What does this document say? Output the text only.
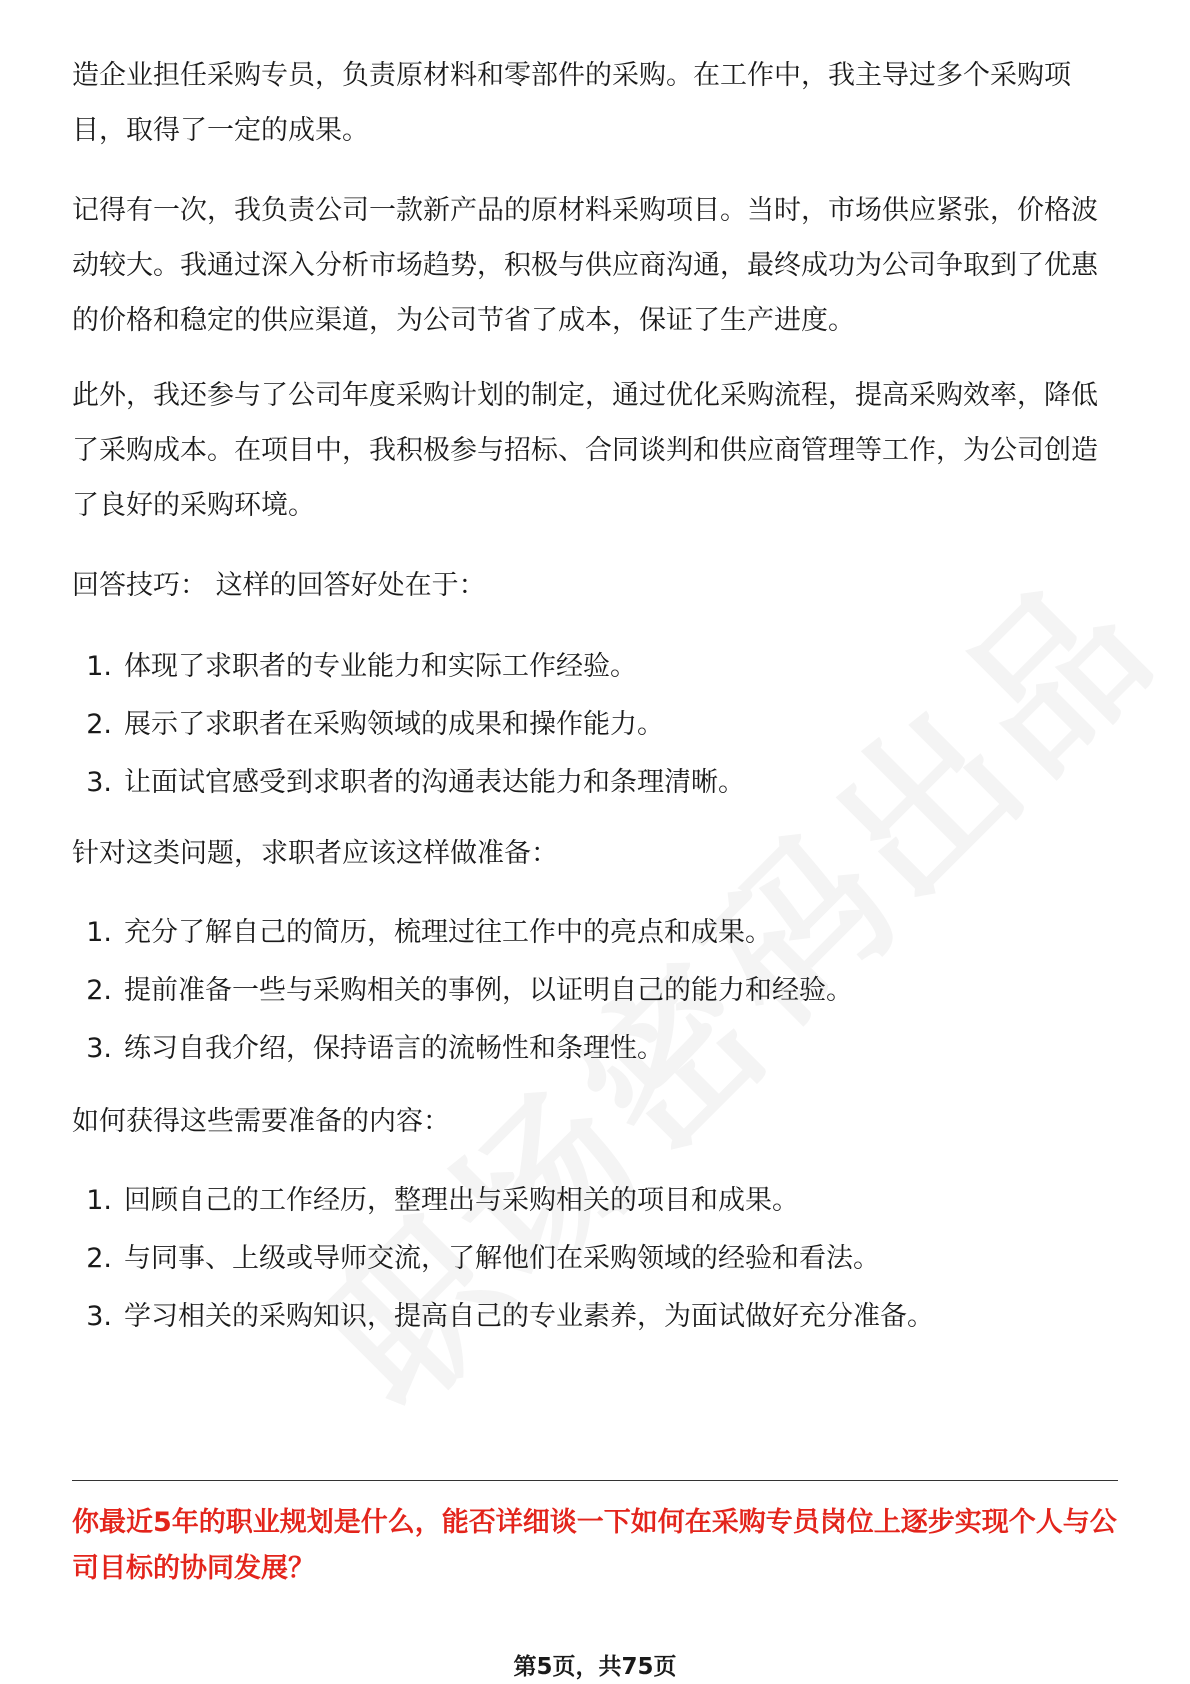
造企业担任采购专员，负责原材料和零部件的采购。在工作中，我主导过多个采购项目，取得了一定的成果。

记得有一次，我负责公司一款新产品的原材料采购项目。当时，市场供应紧张，价格波动较大。我通过深入分析市场趋势，积极与供应商沟通，最终成功为公司争取到了优惠的价格和稳定的供应渠道，为公司节省了成本，保证了生产进度。

此外，我还参与了公司年度采购计划的制定，通过优化采购流程，提高采购效率，降低了采购成本。在项目中，我积极参与招标、合同谈判和供应商管理等工作，为公司创造了良好的采购环境。

回答技巧： 这样的回答好处在于：

1. 体现了求职者的专业能力和实际工作经验。
2. 展示了求职者在采购领域的成果和操作能力。
3. 让面试官感受到求职者的沟通表达能力和条理清晰。

针对这类问题，求职者应该这样做准备：

1. 充分了解自己的简历，梳理过往工作中的亮点和成果。
2. 提前准备一些与采购相关的事例，以证明自己的能力和经验。
3. 练习自我介绍，保持语言的流畅性和条理性。

如何获得这些需要准备的内容：

1. 回顾自己的工作经历，整理出与采购相关的项目和成果。
2. 与同事、上级或导师交流，了解他们在采购领域的经验和看法。
3. 学习相关的采购知识，提高自己的专业素养，为面试做好充分准备。

你最近5年的职业规划是什么，能否详细谈一下如何在采购专员岗位上逐步实现个人与公司目标的协同发展？

第5页，共75页
